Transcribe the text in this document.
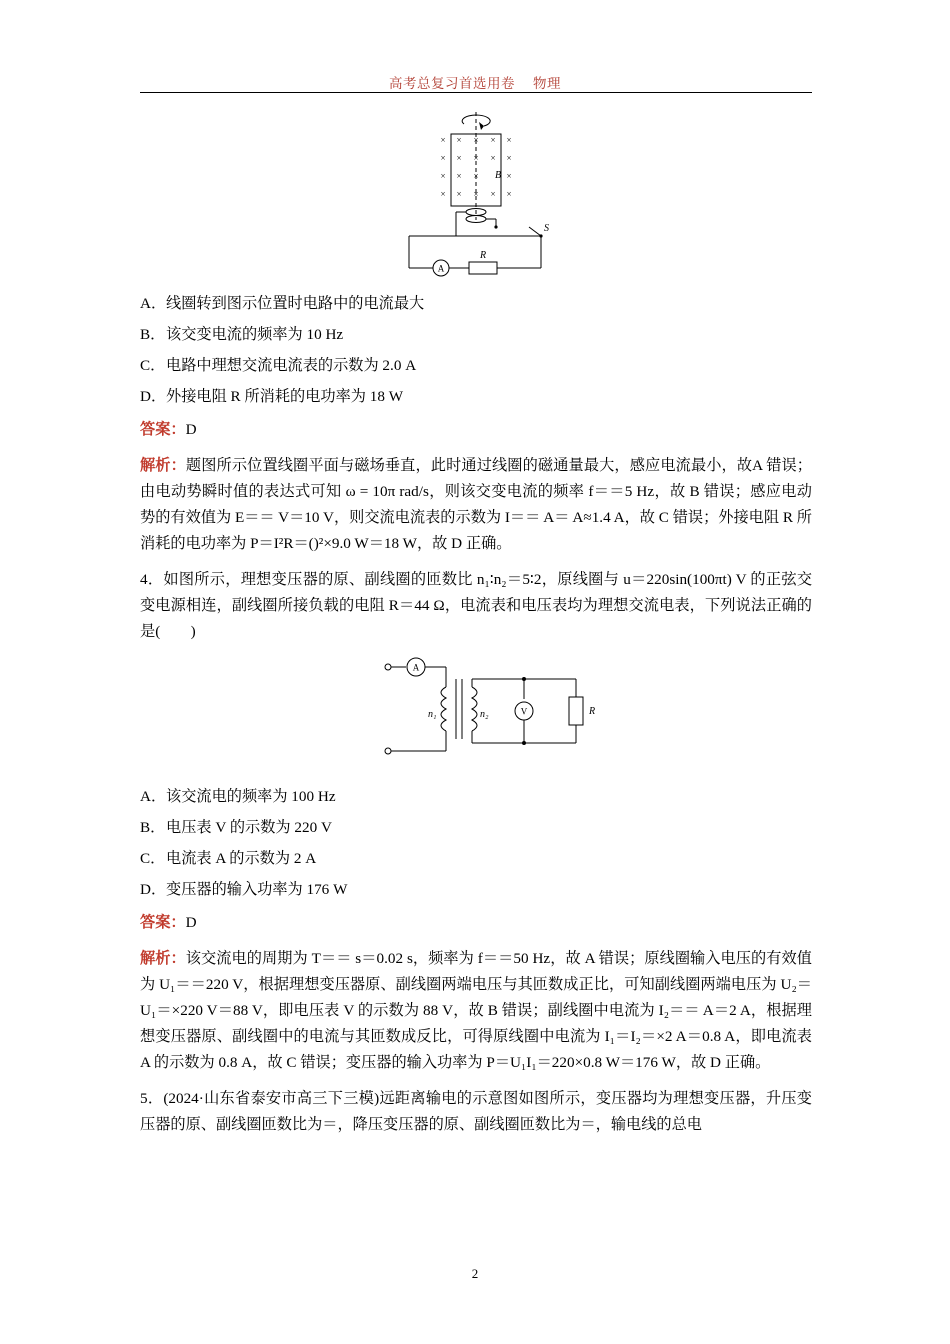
高考总复习首选用卷 物理
× × × × ×
× × × × ×
× × ×	×
× × × × ×
B
S
A
R
A．线圈转到图示位置时电路中的电流最大
B．该交变电流的频率为 10 Hz
C．电路中理想交流电流表的示数为 2.0 A
D．外接电阻 R 所消耗的电功率为 18 W
答案：D
解析：题图所示位置线圈平面与磁场垂直，此时通过线圈的磁通量最大，感应电流最小，故A 错误；由电动势瞬时值的表达式可知 ω = 10π rad/s，则该交变电流的频率 f＝＝5 Hz，故 B 错误；感应电动势的有效值为 E＝＝ V＝10 V，则交流电流表的示数为 I＝＝ A＝ A≈1.4 A，故 C 错误；外接电阻 R 所消耗的电功率为 P＝I²R＝()²×9.0 W＝18 W，故 D 正确。
4．如图所示，理想变压器的原、副线圈的匝数比 n₁∶n₂＝5∶2，原线圈与 u＝220sin(100πt) V 的正弦交变电源相连，副线圈所接负载的电阻 R＝44 Ω，电流表和电压表均为理想交流电表，下列说法正确的是(　　)
A
V	R
n₁	n₂
A．该交流电的频率为 100 Hz
B．电压表 V 的示数为 220 V
C．电流表 A 的示数为 2 A
D．变压器的输入功率为 176 W
答案：D
解析：该交流电的周期为 T＝＝ s＝0.02 s，频率为 f＝＝50 Hz，故 A 错误；原线圈输入电压的有效值为 U₁＝＝220 V，根据理想变压器原、副线圈两端电压与其匝数成正比，可知副线圈两端电压为 U₂＝U₁＝×220 V＝88 V，即电压表 V 的示数为 88 V，故 B 错误；副线圈中电流为 I₂＝＝ A＝2 A，根据理想变压器原、副线圈中的电流与其匝数成反比，可得原线圈中电流为 I₁＝I₂＝×2 A＝0.8 A，即电流表 A 的示数为 0.8 A，故 C 错误；变压器的输入功率为 P＝U₁I₁＝220×0.8 W＝176 W，故 D 正确。
5．(2024·山东省泰安市高三下三模)远距离输电的示意图如图所示，变压器均为理想变压器，升压变压器的原、副线圈匝数比为＝，降压变压器的原、副线圈匝数比为＝，输电线的总电
2
